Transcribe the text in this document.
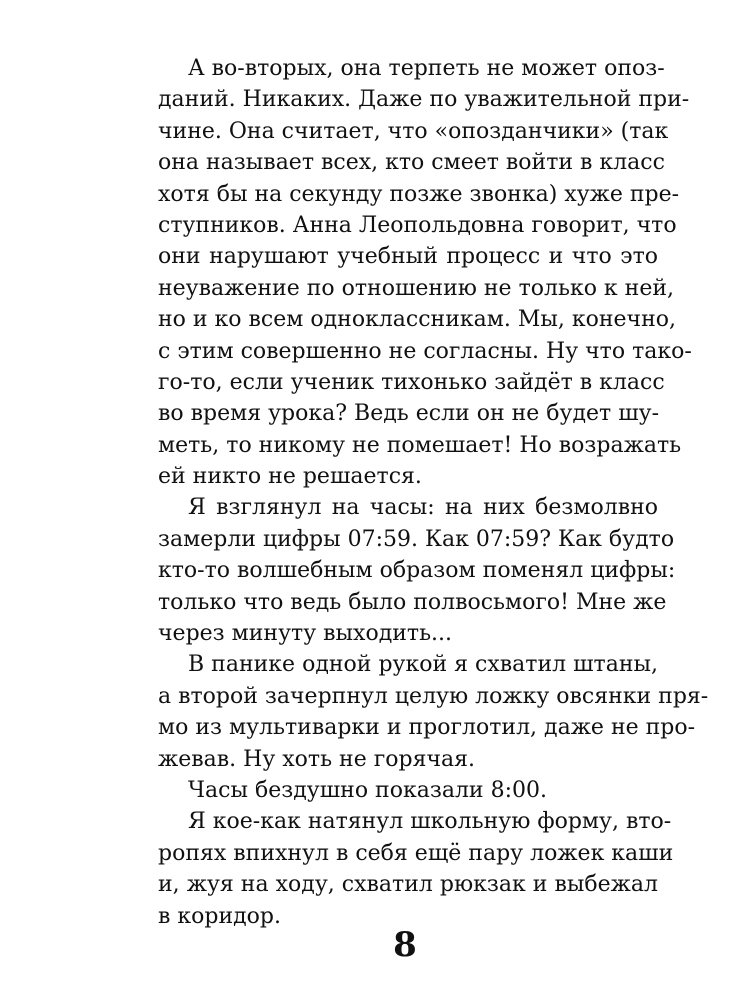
А во-вторых, она терпеть не может опоз-
даний. Никаких. Даже по уважительной при-
чине. Она считает, что «опозданчики» (так
она называет всех, кто смеет войти в класс
хотя бы на секунду позже звонка) хуже пре-
ступников. Анна Леопольдовна говорит, что
они нарушают учебный процесс и что это
неуважение по отношению не только к ней,
но и ко всем одноклассникам. Мы, конечно,
с этим совершенно не согласны. Ну что тако-
го-то, если ученик тихонько зайдёт в класс
во время урока? Ведь если он не будет шу-
меть, то никому не помешает! Но возражать
ей никто не решается.
Я взглянул на часы: на них безмолвно
замерли цифры 07:59. Как 07:59? Как будто
кто-то волшебным образом поменял цифры:
только что ведь было полвосьмого! Мне же
через минуту выходить...
В панике одной рукой я схватил штаны,
а второй зачерпнул целую ложку овсянки пря-
мо из мультиварки и проглотил, даже не про-
жевав. Ну хоть не горячая.
Часы бездушно показали 8:00.
Я кое-как натянул школьную форму, вто-
ропях впихнул в себя ещё пару ложек каши
и, жуя на ходу, схватил рюкзак и выбежал
в коридор.
8
